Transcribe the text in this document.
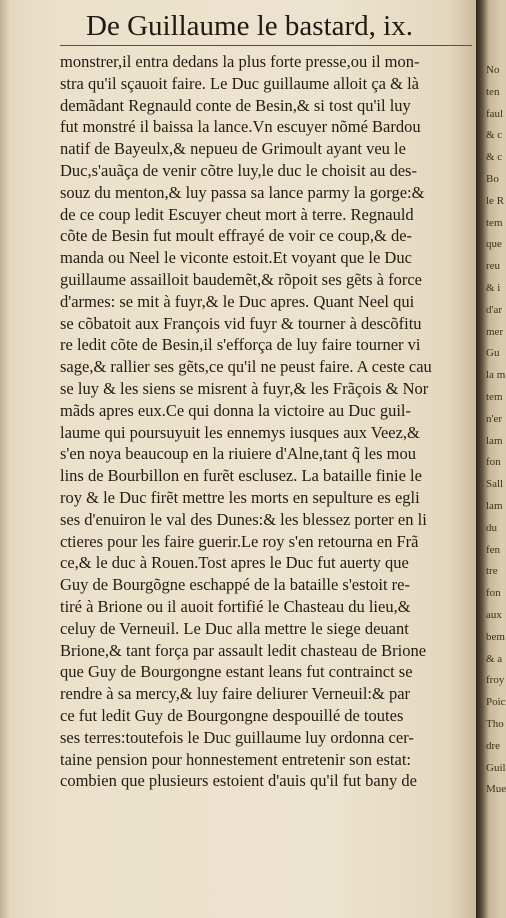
De Guillaume le bastard, ix.
monstrer,il entra dedans la plus forte presse,ou il mon-
stra qu'il sçauoit faire. Le Duc guillaume alloit ça & là
demãdant Regnauld conte de Besin,& si tost qu'il luy
fut monstré il baissa la lance.Vn escuyer nõmé Bardou
natif de Bayeulx,& nepueu de Grimoult ayant veu le
Duc,s'auãça de venir cõtre luy,le duc le choisit au des-
souz du menton,& luy passa sa lance parmy la gorge:&
de ce coup ledit Escuyer cheut mort à terre. Regnauld
cõte de Besin fut moult effrayé de voir ce coup,& de-
manda ou Neel le viconte estoit.Et voyant que le Duc
guillaume assailloit baudemẽt,& rõpoit ses gẽts à force
d'armes: se mit à fuyr,& le Duc apres. Quant Neel qui
se cõbatoit aux François vid fuyr & tourner à descõfitu
re ledit cõte de Besin,il s'efforça de luy faire tourner vi
sage,& rallier ses gẽts,ce qu'il ne peust faire. A ceste cau
se luy & les siens se misrent à fuyr,& les Frãçois & Nor
mãds apres eux.Ce qui donna la victoire au Duc guil-
laume qui poursuyuit les ennemys iusques aux Veez,&
s'en noya beaucoup en la riuiere d'Alne,tant q̃ les mou
lins de Bourbillon en furẽt esclusez. La bataille finie le
roy & le Duc firẽt mettre les morts en sepulture es egli
ses d'enuiron le val des Dunes:& les blessez porter en li
ctieres pour les faire guerir.Le roy s'en retourna en Frã
ce,& le duc à Rouen.Tost apres le Duc fut auerty que
Guy de Bourgõgne eschappé de la bataille s'estoit re-
tiré à Brione ou il auoit fortifié le Chasteau du lieu,&
celuy de Verneuil. Le Duc alla mettre le siege deuant
Brione,& tant força par assault ledit chasteau de Brione
que Guy de Bourgongne estant leans fut contrainct se
rendre à sa mercy,& luy faire deliurer Verneuil:& par
ce fut ledit Guy de Bourgongne despouillé de toutes
ses terres:toutefois le Duc guillaume luy ordonna cer-
taine pension pour honnestement entretenir son estat:
combien que plusieurs estoient d'auis qu'il fut bany de
No
ten
faul
& c
& c
Bo
le R
tem
que
reu
& i
d'ar
mer
Gu
la m
tem
n'er
lam
fon
Sall
lam
du
fen
tre
fon
aux
bem
& a
froy
Poic
Tho
dre
Guil
Mue
